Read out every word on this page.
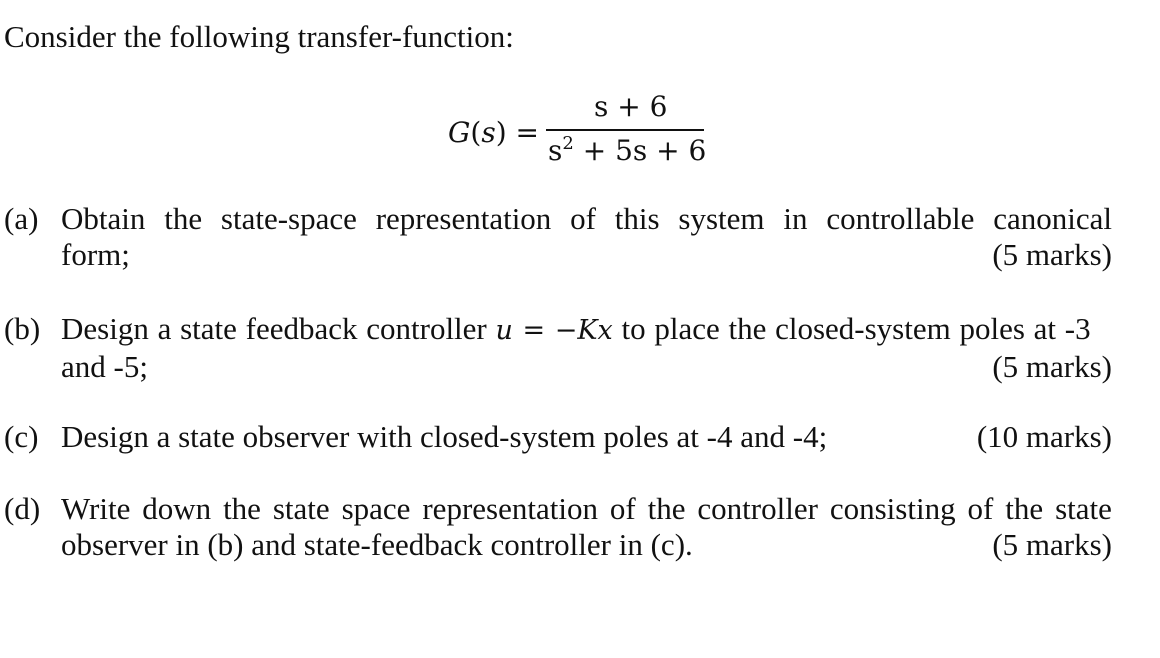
Consider the following transfer-function:
G(s) =
s + 6
$s^2 + 5s + 6$
(a) Obtain the state-space representation of this system in controllable canonical
form;	(5 marks)
(b) Design a state feedback controller u = −Kx to place the closed-system poles at -3
and -5;	(5 marks)
(c) Design a state observer with closed-system poles at -4 and -4;	(10 marks)
(d) Write down the state space representation of the controller consisting of the state
observer in (b) and state-feedback controller in (c).	(5 marks)
